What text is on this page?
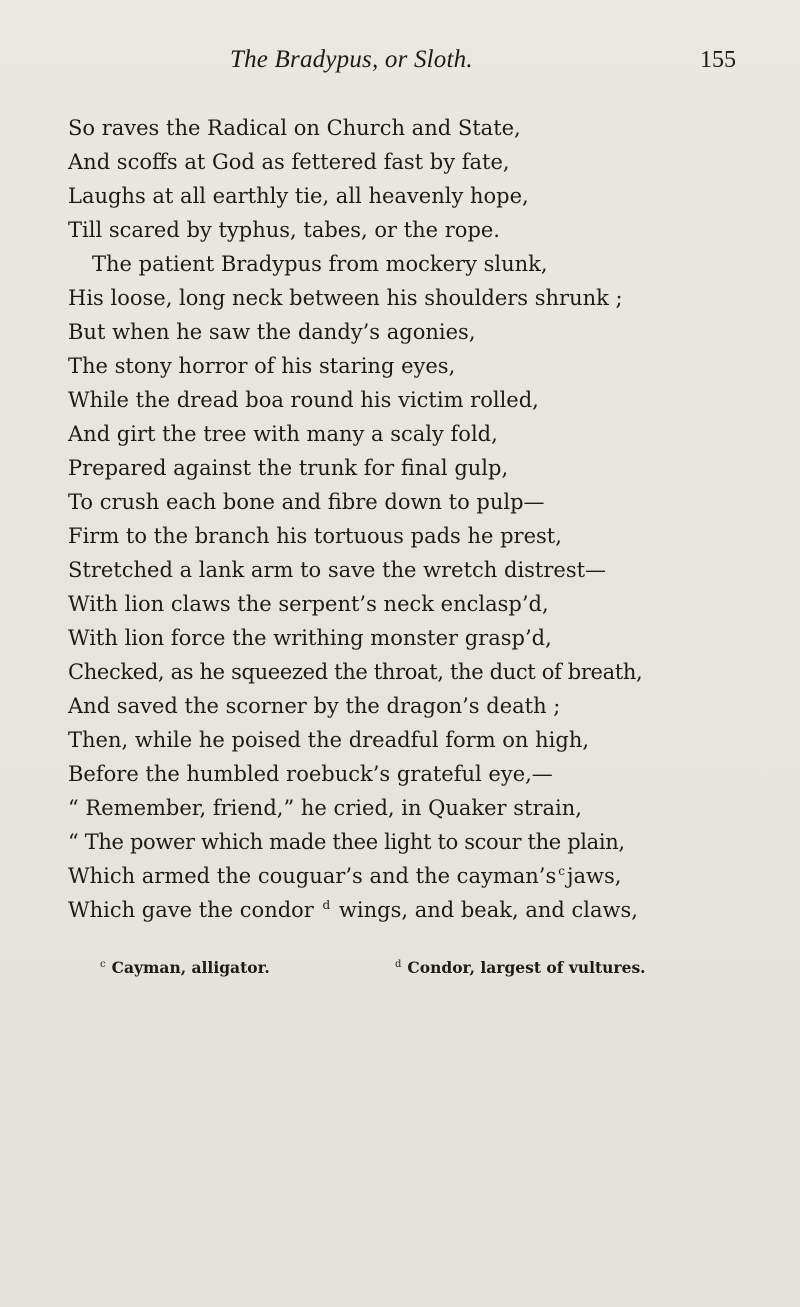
The Bradypus, or Sloth.	155
So raves the Radical on Church and State,
And scoffs at God as fettered fast by fate,
Laughs at all earthly tie, all heavenly hope,
Till scared by typhus, tabes, or the rope.
The patient Bradypus from mockery slunk,
His loose, long neck between his shoulders shrunk ;
But when he saw the dandy’s agonies,
The stony horror of his staring eyes,
While the dread boa round his victim rolled,
And girt the tree with many a scaly fold,
Prepared against the trunk for final gulp,
To crush each bone and fibre down to pulp—
Firm to the branch his tortuous pads he prest,
Stretched a lank arm to save the wretch distrest—
With lion claws the serpent’s neck enclasp’d,
With lion force the writhing monster grasp’d,
Checked, as he squeezed the throat, the duct of breath,
And saved the scorner by the dragon’s death ;
Then, while he poised the dreadful form on high,
Before the humbled roebuck’s grateful eye,—
“ Remember, friend,” he cried, in Quaker strain,
“ The power which made thee light to scour the plain,
Which armed the couguar’s and the cayman’s $^c$jaws,
Which gave the condor $^d$ wings, and beak, and claws,
$^c$ Cayman, alligator.	$^d$ Condor, largest of vultures.
